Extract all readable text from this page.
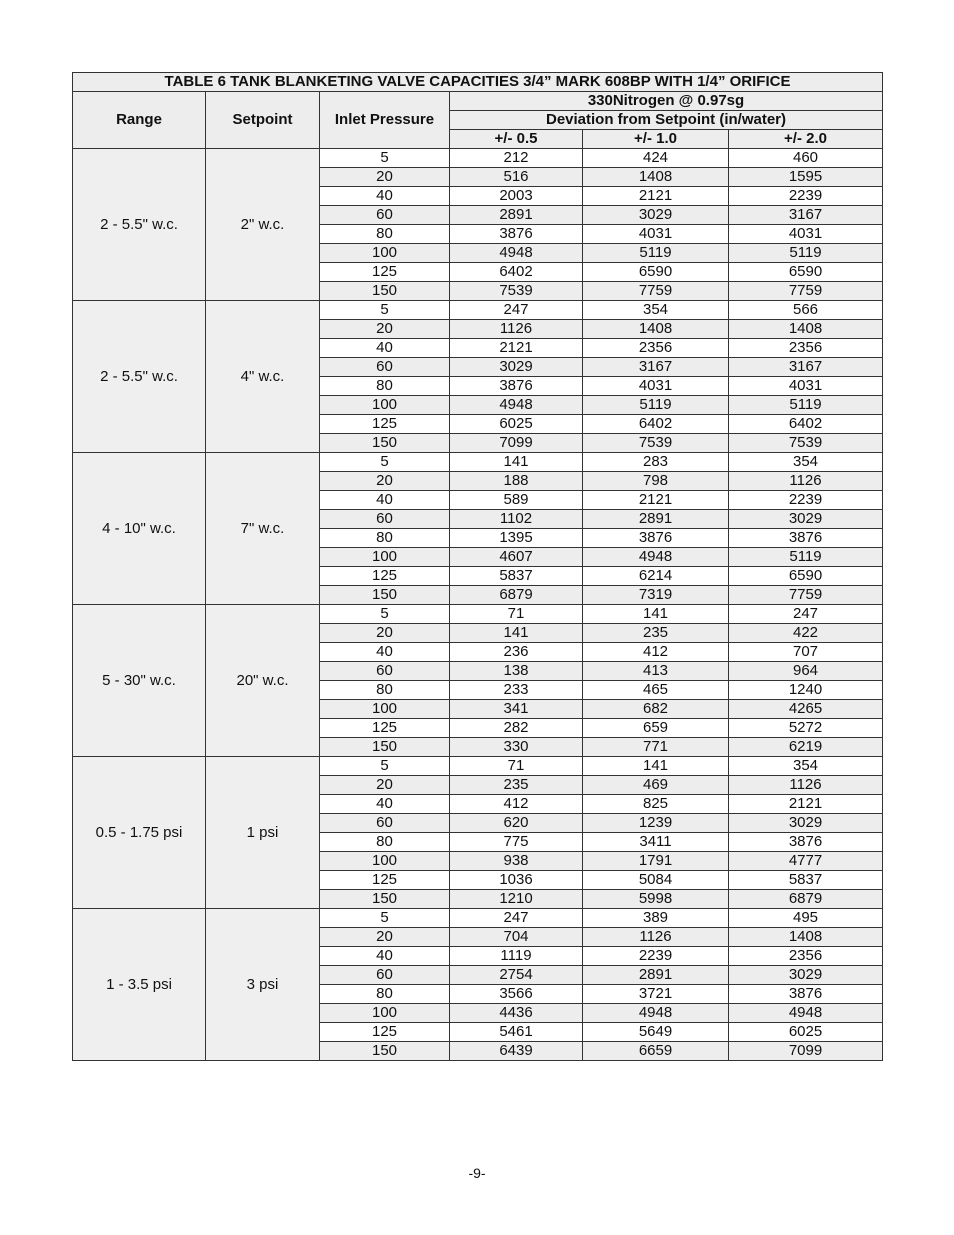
TABLE 6 TANK BLANKETING VALVE CAPACITIES 3/4” MARK 608BP WITH 1/4” ORIFICE					
Range	Setpoint	Inlet Pressure	330Nitrogen @ 0.97sg		
			Deviation from Setpoint (in/water)		
			+/- 0.5	+/- 1.0	+/- 2.0
2 - 5.5" w.c.	2" w.c.	5	212	424	460
		20	516	1408	1595
		40	2003	2121	2239
		60	2891	3029	3167
		80	3876	4031	4031
		100	4948	5119	5119
		125	6402	6590	6590
		150	7539	7759	7759
2 - 5.5" w.c.	4" w.c.	5	247	354	566
		20	1126	1408	1408
		40	2121	2356	2356
		60	3029	3167	3167
		80	3876	4031	4031
		100	4948	5119	5119
		125	6025	6402	6402
		150	7099	7539	7539
4 - 10" w.c.	7" w.c.	5	141	283	354
		20	188	798	1126
		40	589	2121	2239
		60	1102	2891	3029
		80	1395	3876	3876
		100	4607	4948	5119
		125	5837	6214	6590
		150	6879	7319	7759
5 - 30" w.c.	20" w.c.	5	71	141	247
		20	141	235	422
		40	236	412	707
		60	138	413	964
		80	233	465	1240
		100	341	682	4265
		125	282	659	5272
		150	330	771	6219
0.5 - 1.75 psi	1 psi	5	71	141	354
		20	235	469	1126
		40	412	825	2121
		60	620	1239	3029
		80	775	3411	3876
		100	938	1791	4777
		125	1036	5084	5837
		150	1210	5998	6879
1 - 3.5 psi	3 psi	5	247	389	495
		20	704	1126	1408
		40	1119	2239	2356
		60	2754	2891	3029
		80	3566	3721	3876
		100	4436	4948	4948
		125	5461	5649	6025
		150	6439	6659	7099
-9-
